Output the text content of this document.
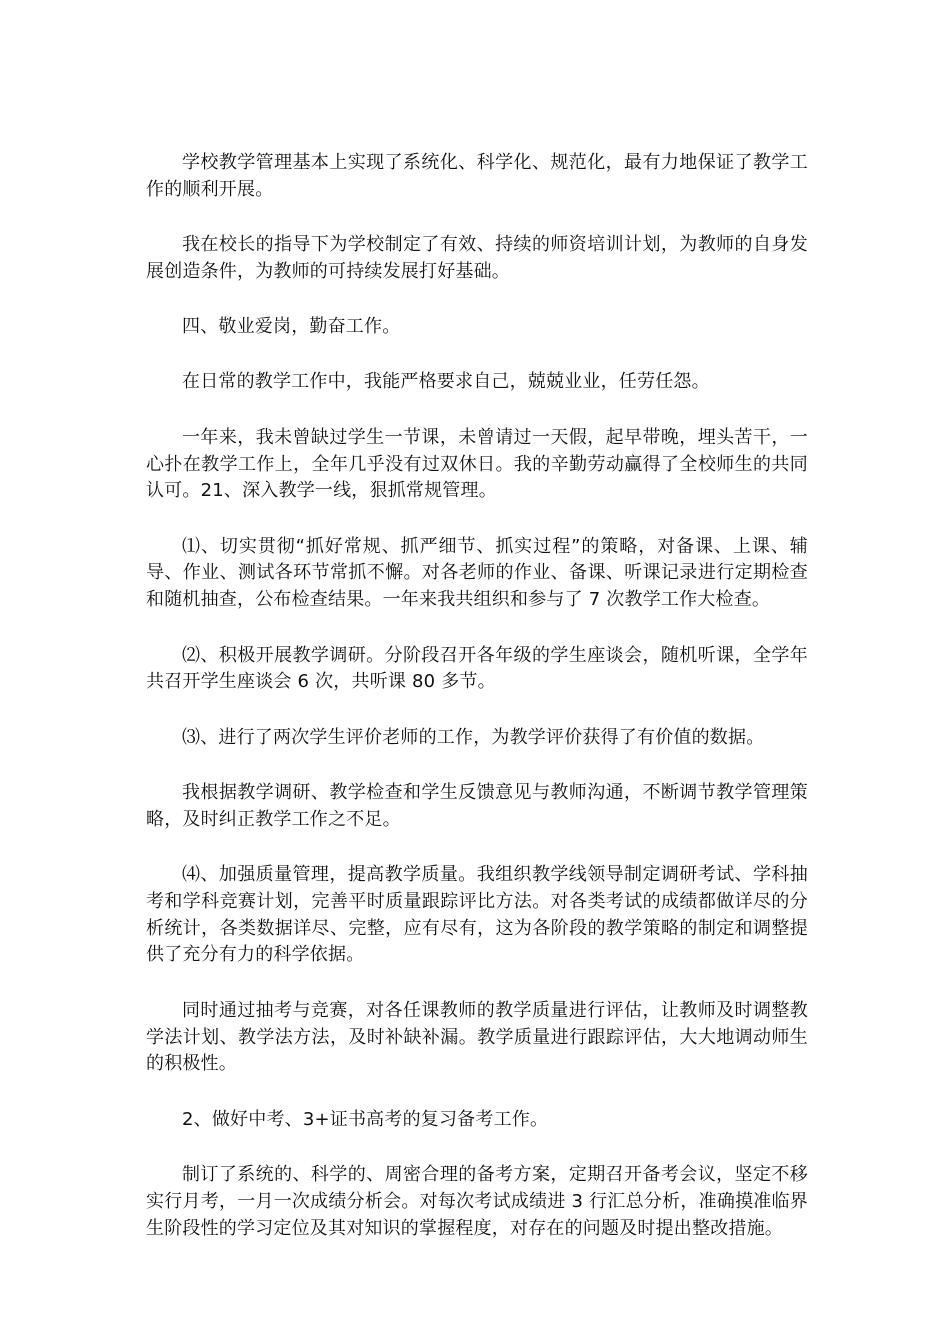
学校教学管理基本上实现了系统化、科学化、规范化，最有力地保证了教学工作的顺利开展。

我在校长的指导下为学校制定了有效、持续的师资培训计划，为教师的自身发展创造条件，为教师的可持续发展打好基础。

四、敬业爱岗，勤奋工作。

在日常的教学工作中，我能严格要求自己，兢兢业业，任劳任怨。

一年来，我未曾缺过学生一节课，未曾请过一天假，起早带晚，埋头苦干，一心扑在教学工作上，全年几乎没有过双休日。我的辛勤劳动赢得了全校师生的共同认可。21、深入教学一线，狠抓常规管理。

⑴、切实贯彻“抓好常规、抓严细节、抓实过程”的策略，对备课、上课、辅导、作业、测试各环节常抓不懈。对各老师的作业、备课、听课记录进行定期检查和随机抽查，公布检查结果。一年来我共组织和参与了 7 次教学工作大检查。

⑵、积极开展教学调研。分阶段召开各年级的学生座谈会，随机听课，全学年共召开学生座谈会 6 次，共听课 80 多节。

⑶、进行了两次学生评价老师的工作，为教学评价获得了有价值的数据。

我根据教学调研、教学检查和学生反馈意见与教师沟通，不断调节教学管理策略，及时纠正教学工作之不足。

⑷、加强质量管理，提高教学质量。我组织教学线领导制定调研考试、学科抽考和学科竞赛计划，完善平时质量跟踪评比方法。对各类考试的成绩都做详尽的分析统计，各类数据详尽、完整，应有尽有，这为各阶段的教学策略的制定和调整提供了充分有力的科学依据。

同时通过抽考与竞赛，对各任课教师的教学质量进行评估，让教师及时调整教学法计划、教学法方法，及时补缺补漏。教学质量进行跟踪评估，大大地调动师生的积极性。

2、做好中考、3+证书高考的复习备考工作。

制订了系统的、科学的、周密合理的备考方案，定期召开备考会议，坚定不移实行月考，一月一次成绩分析会。对每次考试成绩进 3 行汇总分析，准确摸准临界生阶段性的学习定位及其对知识的掌握程度，对存在的问题及时提出整改措施。
